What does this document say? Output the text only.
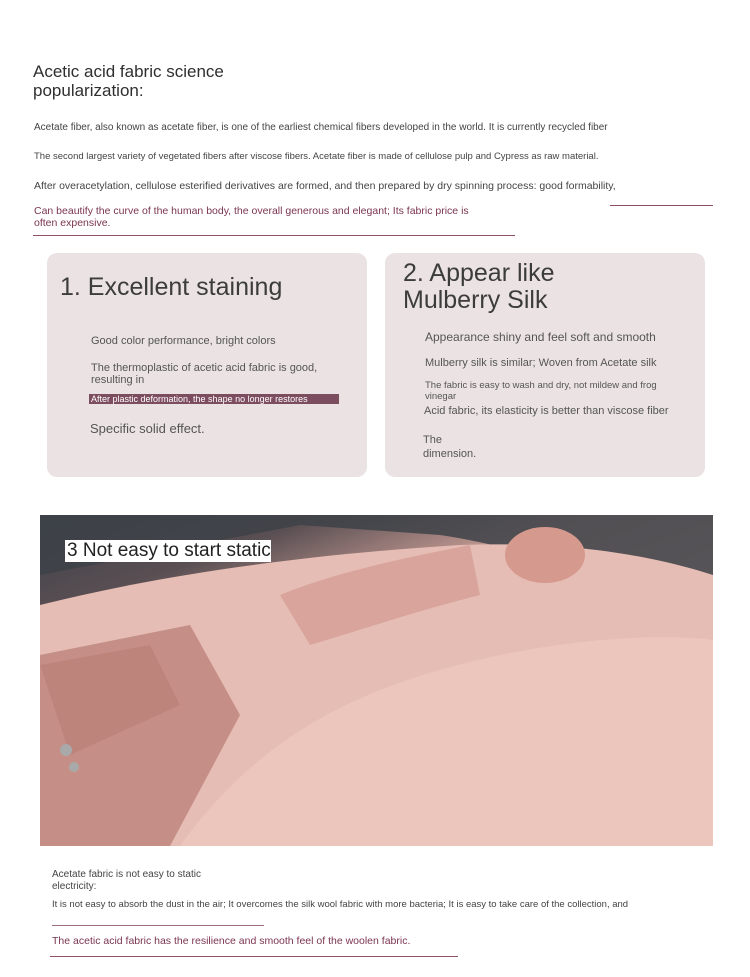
Acetic acid fabric science popularization:
Acetate fiber, also known as acetate fiber, is one of the earliest chemical fibers developed in the world. It is currently recycled fiber
The second largest variety of vegetated fibers after viscose fibers. Acetate fiber is made of cellulose pulp and Cypress as raw material.
After overacetylation, cellulose esterified derivatives are formed, and then prepared by dry spinning process: good formability,
Can beautify the curve of the human body, the overall generous and elegant; Its fabric price is often expensive.
1. Excellent staining
Good color performance, bright colors
The thermoplastic of acetic acid fabric is good, resulting in
After plastic deformation, the shape no longer restores
Specific solid effect.
2. Appear like Mulberry Silk
Appearance shiny and feel soft and smooth
Mulberry silk is similar; Woven from Acetate silk
The fabric is easy to wash and dry, not mildew and frog vinegar
Acid fabric, its elasticity is better than viscose fiber
The
dimension.
3 Not easy to start static
Acetate fabric is not easy to static electricity:
It is not easy to absorb the dust in the air; It overcomes the silk wool fabric with more bacteria; It is easy to take care of the collection, and
The acetic acid fabric has the resilience and smooth feel of the woolen fabric.
